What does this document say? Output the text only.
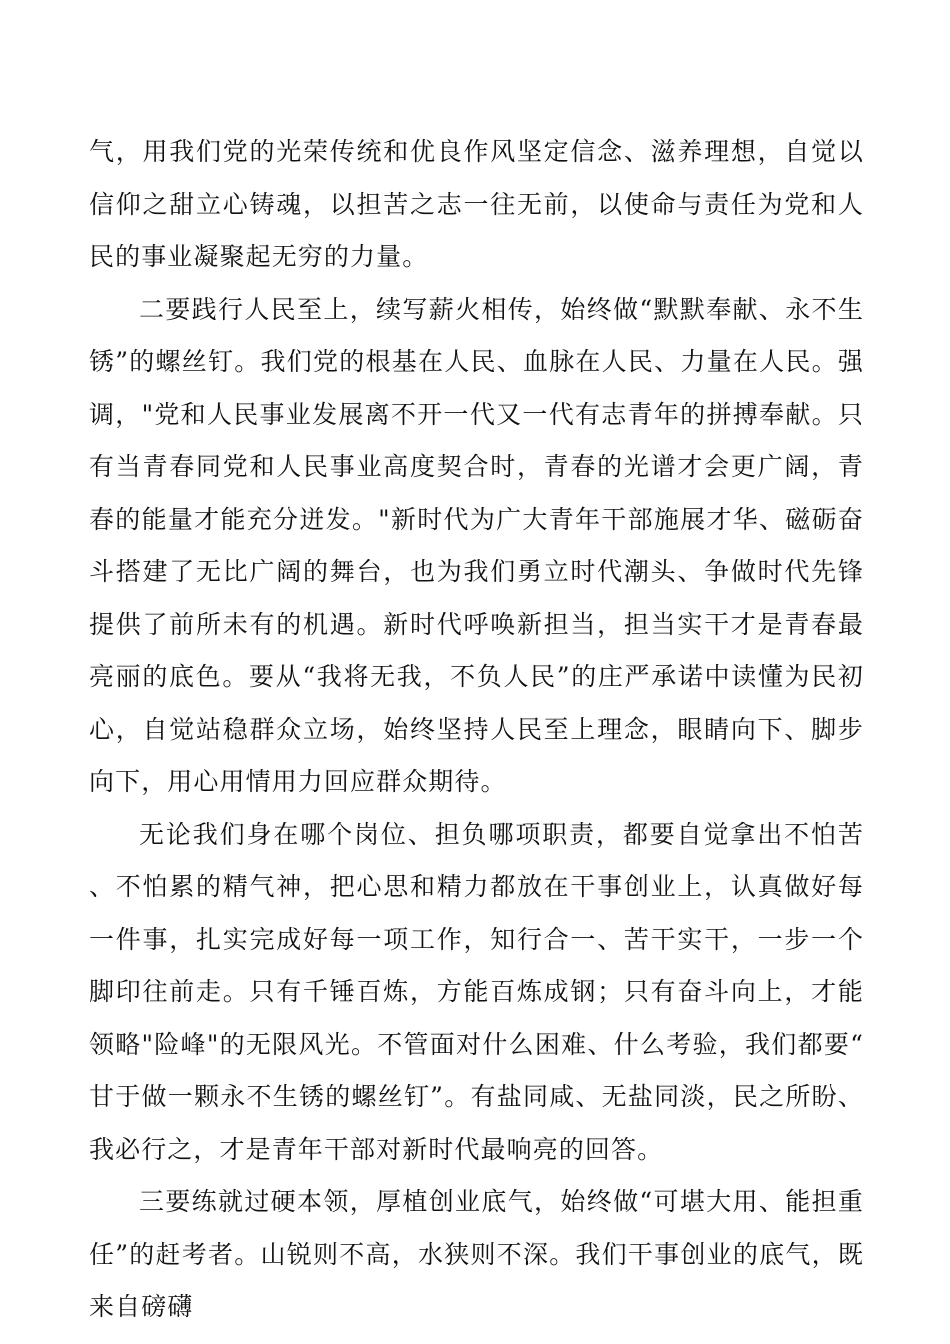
气，用我们党的光荣传统和优良作风坚定信念、滋养理想，自觉以信仰之甜立心铸魂，以担苦之志一往无前，以使命与责任为党和人民的事业凝聚起无穷的力量。

二要践行人民至上，续写薪火相传，始终做“默默奉献、永不生锈”的螺丝钉。我们党的根基在人民、血脉在人民、力量在人民。强调，"党和人民事业发展离不开一代又一代有志青年的拼搏奉献。只有当青春同党和人民事业高度契合时，青春的光谱才会更广阔，青春的能量才能充分迸发。"新时代为广大青年干部施展才华、磁砺奋斗搭建了无比广阔的舞台，也为我们勇立时代潮头、争做时代先锋提供了前所未有的机遇。新时代呼唤新担当，担当实干才是青春最亮丽的底色。要从“我将无我，不负人民”的庄严承诺中读懂为民初心，自觉站稳群众立场，始终坚持人民至上理念，眼睛向下、脚步向下，用心用情用力回应群众期待。

无论我们身在哪个岗位、担负哪项职责，都要自觉拿出不怕苦、不怕累的精气神，把心思和精力都放在干事创业上，认真做好每一件事，扎实完成好每一项工作，知行合一、苦干实干，一步一个脚印往前走。只有千锤百炼，方能百炼成钢；只有奋斗向上，才能领略"险峰"的无限风光。不管面对什么困难、什么考验，我们都要“甘于做一颗永不生锈的螺丝钉”。有盐同咸、无盐同淡，民之所盼、我必行之，才是青年干部对新时代最响亮的回答。

三要练就过硬本领，厚植创业底气，始终做“可堪大用、能担重任”的赶考者。山锐则不高，水狭则不深。我们干事创业的底气，既来自磅礴
